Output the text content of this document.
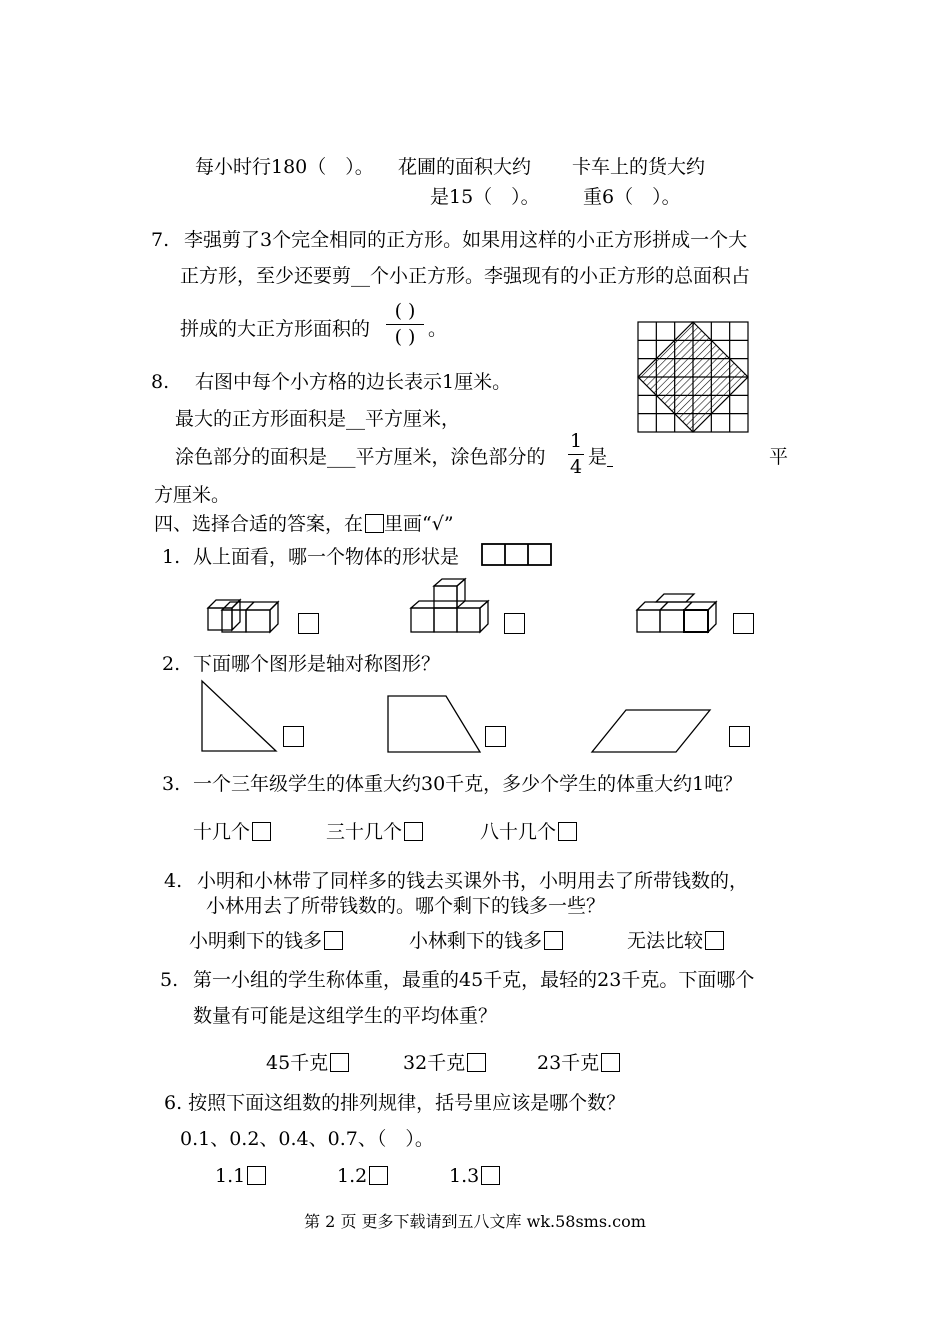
每小时行180（　）。 花圃的面积大约 卡车上的货大约
是15（　）。 重6（　）。
7. 李强剪了3个完全相同的正方形。如果用这样的小正方形拼成一个大
正方形，至少还要剪__个小正方形。李强现有的小正方形的总面积占
拼成的大正方形面积的
( )
( ) 。
8. 右图中每个小方格的边长表示1厘米。
最大的正方形面积是__平方厘米，
涂色部分的面积是___平方厘米，涂色部分的
1
4 是	平
方厘米。
四、选择合适的答案，在 里画“√”
1. 从上面看，哪一个物体的形状是
2. 下面哪个图形是轴对称图形？
3. 一个三年级学生的体重大约30千克，多少个学生的体重大约1吨？
十几个	三十几个	八十几个
4. 小明和小林带了同样多的钱去买课外书，小明用去了所带钱数的，
小林用去了所带钱数的。哪个剩下的钱多一些？
小明剩下的钱多	小林剩下的钱多	无法比较
5. 第一小组的学生称体重，最重的45千克，最轻的23千克。下面哪个
数量有可能是这组学生的平均体重？
45千克	32千克	23千克
6. 按照下面这组数的排列规律，括号里应该是哪个数？
0.1、0.2、0.4、0.7、（　）。
1.1	1.2	1.3
第 2 页 更多下载请到五八文库 wk.58sms.com
